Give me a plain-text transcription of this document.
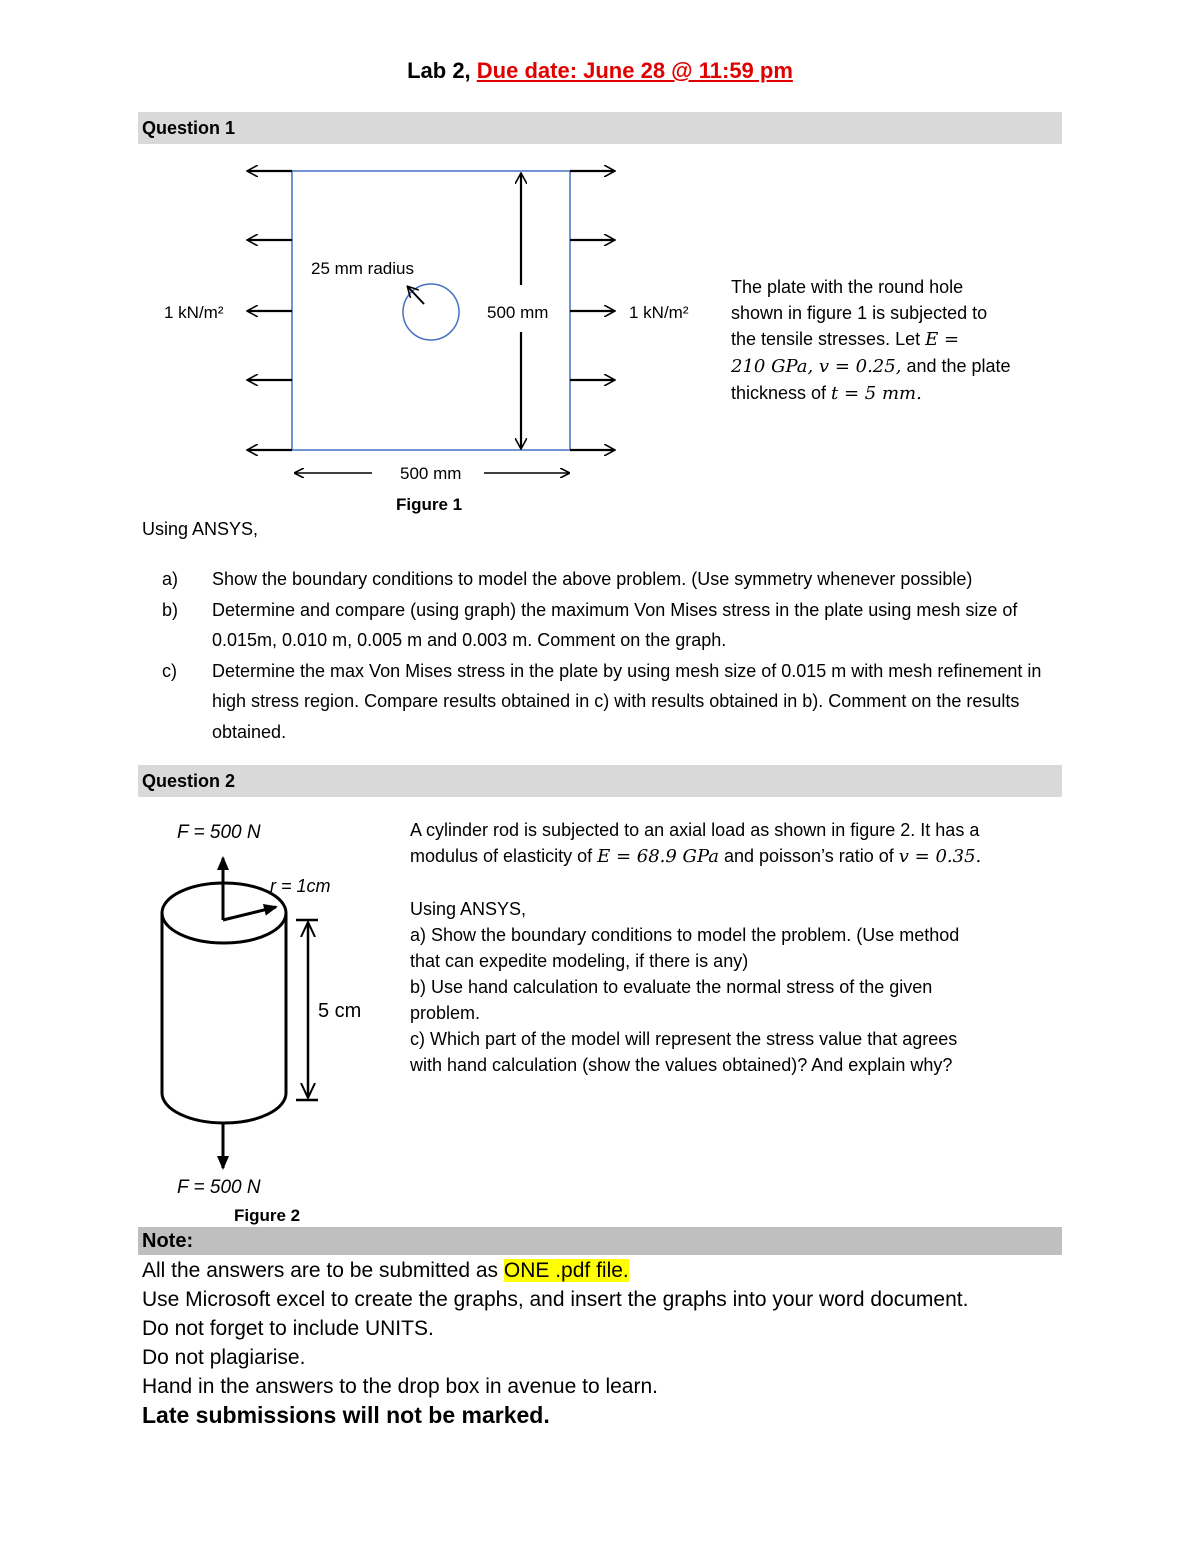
Lab 2, Due date: June 28 @ 11:59 pm
Question 1
1 kN/m²	1 kN/m²
25 mm radius
500 mm
500 mm
Figure 1
The plate with the round hole
shown in figure 1 is subjected to
the tensile stresses. Let E =
210 GPa, v = 0.25, and the plate
thickness of t = 5 mm.
Using ANSYS,
a) Show the boundary conditions to model the above problem. (Use symmetry whenever possible)
b) Determine and compare (using graph) the maximum Von Mises stress in the plate using mesh size of 0.015m, 0.010 m, 0.005 m and 0.003 m. Comment on the graph.
c) Determine the max Von Mises stress in the plate by using mesh size of 0.015 m with mesh refinement in high stress region. Compare results obtained in c) with results obtained in b). Comment on the results obtained.
Question 2
F = 500 N
r = 1cm
5 cm
F = 500 N
Figure 2
A cylinder rod is subjected to an axial load as shown in figure 2. It has a
modulus of elasticity of E = 68.9 GPa and poisson’s ratio of v = 0.35.
Using ANSYS,
a) Show the boundary conditions to model the problem. (Use method
that can expedite modeling, if there is any)
b) Use hand calculation to evaluate the normal stress of the given
problem.
c) Which part of the model will represent the stress value that agrees
with hand calculation (show the values obtained)? And explain why?
Note:
All the answers are to be submitted as ONE .pdf file.
Use Microsoft excel to create the graphs, and insert the graphs into your word document.
Do not forget to include UNITS.
Do not plagiarise.
Hand in the answers to the drop box in avenue to learn.
Late submissions will not be marked.
